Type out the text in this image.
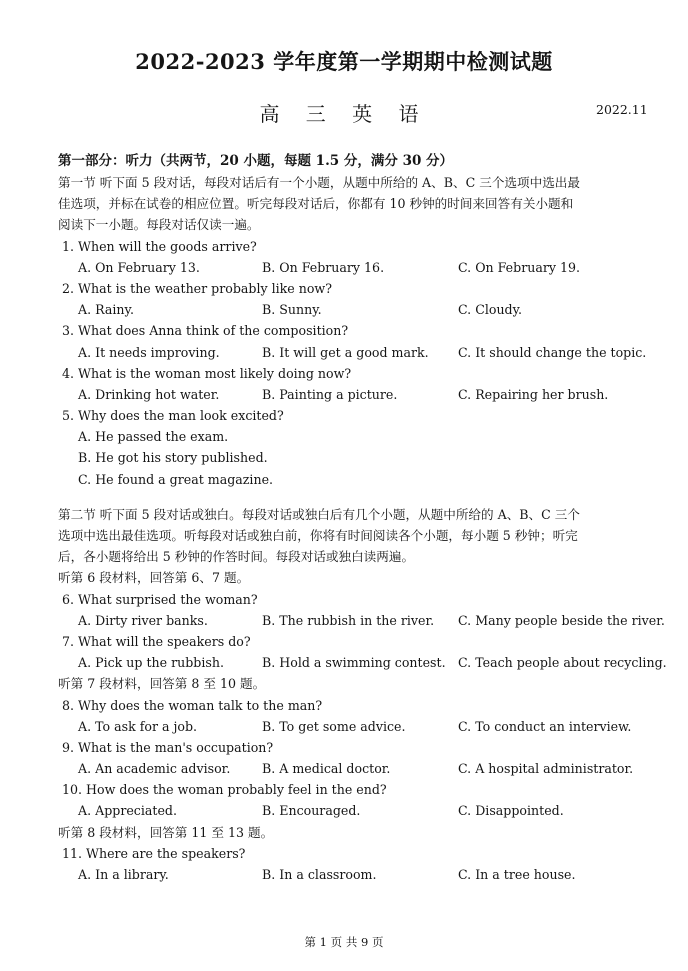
2022-2023 学年度第一学期期中检测试题
高 三 英 语	2022.11
第一部分：听力（共两节，20 小题，每题 1.5 分，满分 30 分）
第一节 听下面 5 段对话，每段对话后有一个小题，从题中所给的 A、B、C 三个选项中选出最
佳选项，并标在试卷的相应位置。听完每段对话后，你都有 10 秒钟的时间来回答有关小题和
阅读下一小题。每段对话仅读一遍。
1. When will the goods arrive?
A. On February 13.	B. On February 16.	C. On February 19.
2. What is the weather probably like now?
A. Rainy.	B. Sunny.	C. Cloudy.
3. What does Anna think of the composition?
A. It needs improving.	B. It will get a good mark. C. It should change the topic.
4. What is the woman most likely doing now?
A. Drinking hot water.	B. Painting a picture.	C. Repairing her brush.
5. Why does the man look excited?
A. He passed the exam.
B. He got his story published.
C. He found a great magazine.
第二节 听下面 5 段对话或独白。每段对话或独白后有几个小题，从题中所给的 A、B、C 三个
选项中选出最佳选项。听每段对话或独白前，你将有时间阅读各个小题，每小题 5 秒钟；听完
后，各小题将给出 5 秒钟的作答时间。每段对话或独白读两遍。
听第 6 段材料，回答第 6、7 题。
6. What surprised the woman?
A. Dirty river banks.	B. The rubbish in the river. C. Many people beside the river.
7. What will the speakers do?
A. Pick up the rubbish.	B. Hold a swimming contest. C. Teach people about recycling.
听第 7 段材料，回答第 8 至 10 题。
8. Why does the woman talk to the man?
A. To ask for a job.	B. To get some advice.	C. To conduct an interview.
9. What is the man's occupation?
A. An academic advisor.	B. A medical doctor.	C. A hospital administrator.
10. How does the woman probably feel in the end?
A. Appreciated.	B. Encouraged.	C. Disappointed.
听第 8 段材料，回答第 11 至 13 题。
11. Where are the speakers?
A. In a library.	B. In a classroom.	C. In a tree house.
第 1 页 共 9 页
